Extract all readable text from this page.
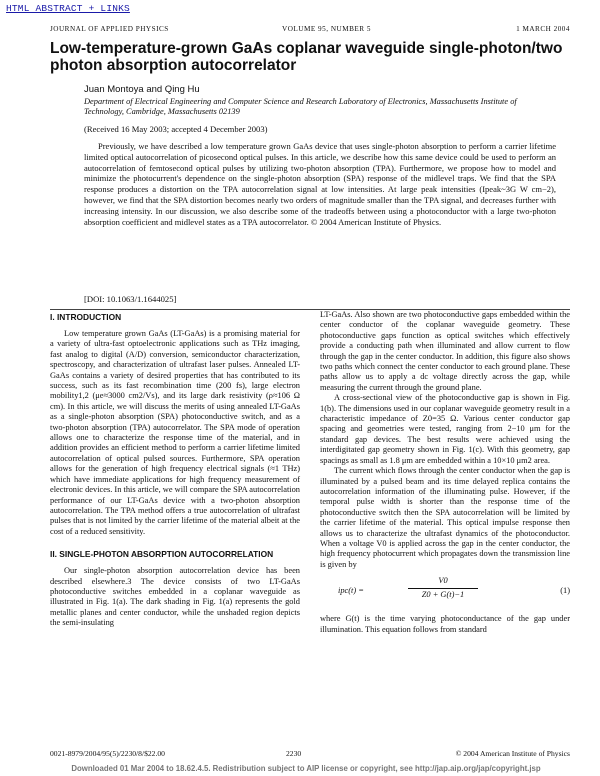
HTML ABSTRACT + LINKS
JOURNAL OF APPLIED PHYSICS	VOLUME 95, NUMBER 5	1 MARCH 2004
Low-temperature-grown GaAs coplanar waveguide single-photon/two photon absorption autocorrelator
Juan Montoya and Qing Hu
Department of Electrical Engineering and Computer Science and Research Laboratory of Electronics, Massachusetts Institute of Technology, Cambridge, Massachusetts 02139
(Received 16 May 2003; accepted 4 December 2003)
Previously, we have described a low temperature grown GaAs device that uses single-photon absorption to perform a carrier lifetime limited optical autocorrelation of picosecond optical pulses. In this article, we describe how this same device could be used to perform an autocorrelation of femtosecond optical pulses by utilizing two-photon absorption (TPA). Furthermore, we propose how to model and minimize the photocurrent's dependence on the single-photon absorption (SPA) response of the midlevel traps. We find that the SPA response produces a distortion on the TPA autocorrelation signal at low intensities. At large peak intensities (Ipeak~3G W cm−2), however, we find that the SPA distortion becomes nearly two orders of magnitude smaller than the TPA signal, and decreases further with increasing intensity. In our discussion, we also describe some of the tradeoffs between using a photoconductor with a large two-photon absorption coefficient and midlevel states as a TPA autocorrelator. © 2004 American Institute of Physics.
[DOI: 10.1063/1.1644025]
I. INTRODUCTION

Low temperature grown GaAs (LT-GaAs) is a promising material for a variety of ultra-fast optoelectronic applications such as THz imaging, fast analog to digital (A/D) conversion, semiconductor characterization, spectroscopy, and characterization of ultrafast laser pulses. Annealed LT-GaAs contains a variety of desired properties that has contributed to its success, such as its fast recombination time (200 fs), large electron mobility1,2 (μe≈3000 cm2/Vs), and its large dark resistivity (ρ≈106 Ω cm). In this article, we will discuss the merits of using annealed LT-GaAs as a single-photon absorption (SPA) photoconductive switch, and as a two-photon absorption (TPA) autocorrelator. The SPA mode of operation allows one to characterize the response time of the material, and in addition provides an efficient method to perform a carrier lifetime limited autocorrelation of optical pulsed sources. Furthermore, SPA operation allows for the generation of high frequency electrical signals (≈1 THz) which have immediate applications for high frequency measurement of electronic devices. In this article, we will compare the SPA autocorrelation performance of our LT-GaAs device with a two-photon absorption autocorrelation. The TPA method offers a true autocorrelation of ultrafast pulses that is not limited by the carrier lifetime of the material albeit at the cost of a reduced sensitivity.

II. SINGLE-PHOTON ABSORPTION AUTOCORRELATION

Our single-photon absorption autocorrelation device has been described elsewhere.3 The device consists of two LT-GaAs photoconductive switches embedded in a coplanar waveguide as illustrated in Fig. 1(a). The dark shading in Fig. 1(a) represents the gold metallic planes and center conductor, while the unshaded region depicts the semi-insulating

LT-GaAs. Also shown are two photoconductive gaps embedded within the center conductor of the coplanar waveguide geometry. These photoconductive gaps function as optical switches which effectively provide a conducting path when illuminated and allow current to flow through the gap in the center conductor. In addition, this figure also shows two paths which connect the center conductor to each ground plane. These paths allow us to apply a dc voltage directly across the gap, while measuring the current through the ground plane.

A cross-sectional view of the photoconductive gap is shown in Fig. 1(b). The dimensions used in our coplanar waveguide geometry result in a characteristic impedance of Z0=35 Ω. Various center conductor gap spacing and geometries were tested, ranging from 2−10 μm for the standard gap devices. The best results were achieved using the interdigitated gap geometry shown in Fig. 1(c). With this geometry, gap spacings as small as 1.8 μm are embedded within a 10×10 μm2 area.

The current which flows through the center conductor when the gap is illuminated by a pulsed beam and its time delayed replica contains the autocorrelation information of the illuminating pulse. However, if the temporal pulse width is shorter than the response time of the photoconductive switch then the SPA autocorrelation will be limited by the carrier lifetime of the material. This optical impulse response then allows us to characterize the ultrafast dynamics of the photoconductor. When a voltage V0 is applied across the gap in the center conductor, the high frequency photocurrent which propagates down the transmission line is given by

ipc(t) =	$\frac{V0}{Z0 + G(t)-1}$	(1)

where G(t) is the time varying photoconductance of the gap under illumination. This equation follows from standard

0021-8979/2004/95(5)/2230/8/$22.00	2230	© 2004 American Institute of Physics
Downloaded 01 Mar 2004 to 18.62.4.5. Redistribution subject to AIP license or copyright, see http://jap.aip.org/jap/copyright.jsp
